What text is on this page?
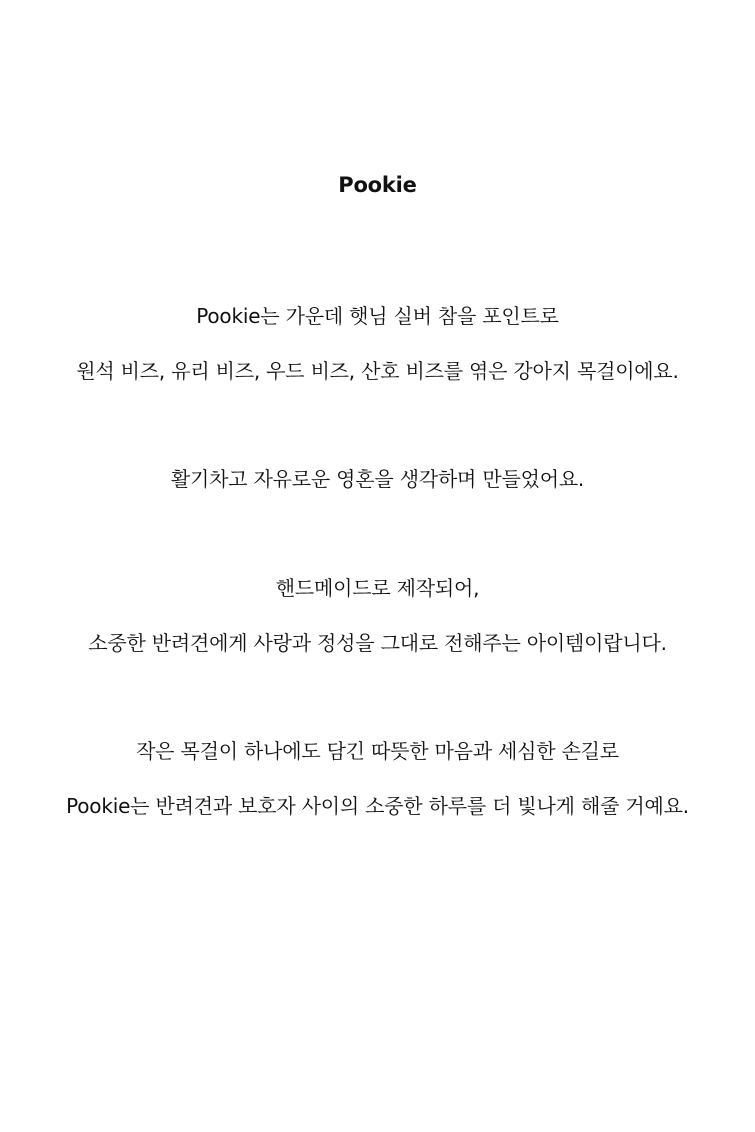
Pookie
Pookie는 가운데 햇님 실버 참을 포인트로
원석 비즈, 유리 비즈, 우드 비즈, 산호 비즈를 엮은 강아지 목걸이에요.
활기차고 자유로운 영혼을 생각하며 만들었어요.
핸드메이드로 제작되어,
소중한 반려견에게 사랑과 정성을 그대로 전해주는 아이템이랍니다.
작은 목걸이 하나에도 담긴 따뜻한 마음과 세심한 손길로
Pookie는 반려견과 보호자 사이의 소중한 하루를 더 빛나게 해줄 거예요.
